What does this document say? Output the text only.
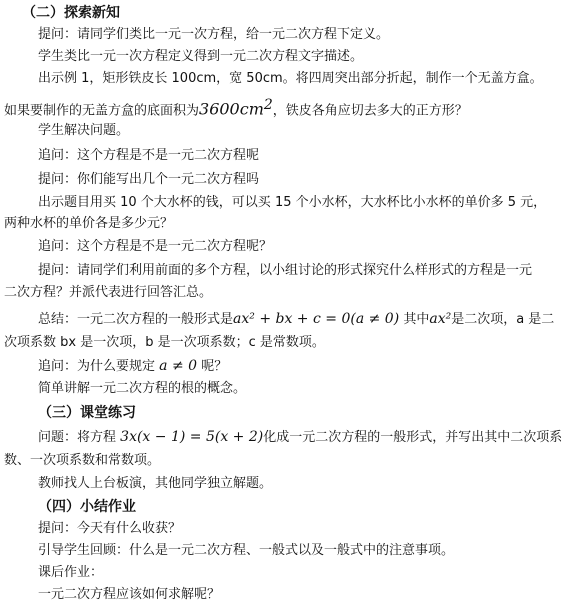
（二）探索新知
提问：请同学们类比一元一次方程，给一元二次方程下定义。
学生类比一元一次方程定义得到一元二次方程文字描述。
出示例 1，矩形铁皮长 100cm，宽 50cm。将四周突出部分折起，制作一个无盖方盒。
如果要制作的无盖方盒的底面积为$3600cm^2$，铁皮各角应切去多大的正方形？
学生解决问题。
追问：这个方程是不是一元二次方程呢
提问：你们能写出几个一元二次方程吗
出示题目用买 10 个大水杯的钱，可以买 15 个小水杯，大水杯比小水杯的单价多 5 元，
两种水杯的单价各是多少元？
追问：这个方程是不是一元二次方程呢？
提问：请同学们利用前面的多个方程，以小组讨论的形式探究什么样形式的方程是一元
二次方程？并派代表进行回答汇总。
总结：一元二次方程的一般形式是ax² + bx + c = 0(a ≠ 0) 其中ax²是二次项，a 是二
次项系数 bx 是一次项，b 是一次项系数；c 是常数项。
追问：为什么要规定 a ≠ 0 呢？
简单讲解一元二次方程的根的概念。
（三）课堂练习
问题：将方程 3x(x − 1) = 5(x + 2)化成一元二次方程的一般形式，并写出其中二次项系
数、一次项系数和常数项。
教师找人上台板演，其他同学独立解题。
（四）小结作业
提问：今天有什么收获？
引导学生回顾：什么是一元二次方程、一般式以及一般式中的注意事项。
课后作业：
一元二次方程应该如何求解呢？
